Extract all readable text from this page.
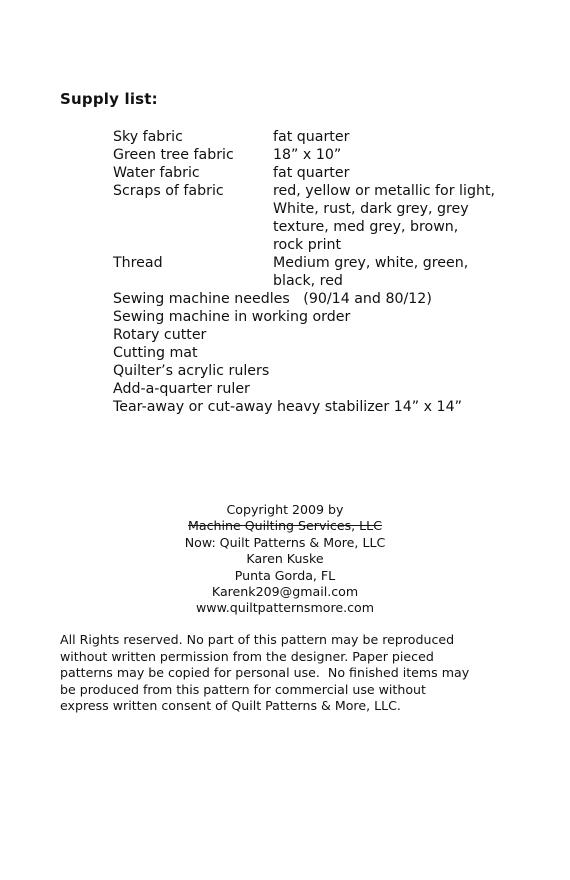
Supply list:
Sky fabric	fat quarter
Green tree fabric	18” x 10”
Water fabric	fat quarter
Scraps of fabric	red, yellow or metallic for light,
White, rust, dark grey, grey
texture, med grey, brown,
rock print
Thread	Medium grey, white, green,
black, red
Sewing machine needles   (90/14 and 80/12)
Sewing machine in working order
Rotary cutter
Cutting mat
Quilter’s acrylic rulers
Add-a-quarter ruler
Tear-away or cut-away heavy stabilizer 14” x 14”
Copyright 2009 by
Machine Quilting Services, LLC
Now: Quilt Patterns & More, LLC
Karen Kuske
Punta Gorda, FL
Karenk209@gmail.com
www.quiltpatternsmore.com
All Rights reserved. No part of this pattern may be reproduced
without written permission from the designer. Paper pieced
patterns may be copied for personal use.  No finished items may
be produced from this pattern for commercial use without
express written consent of Quilt Patterns & More, LLC.
